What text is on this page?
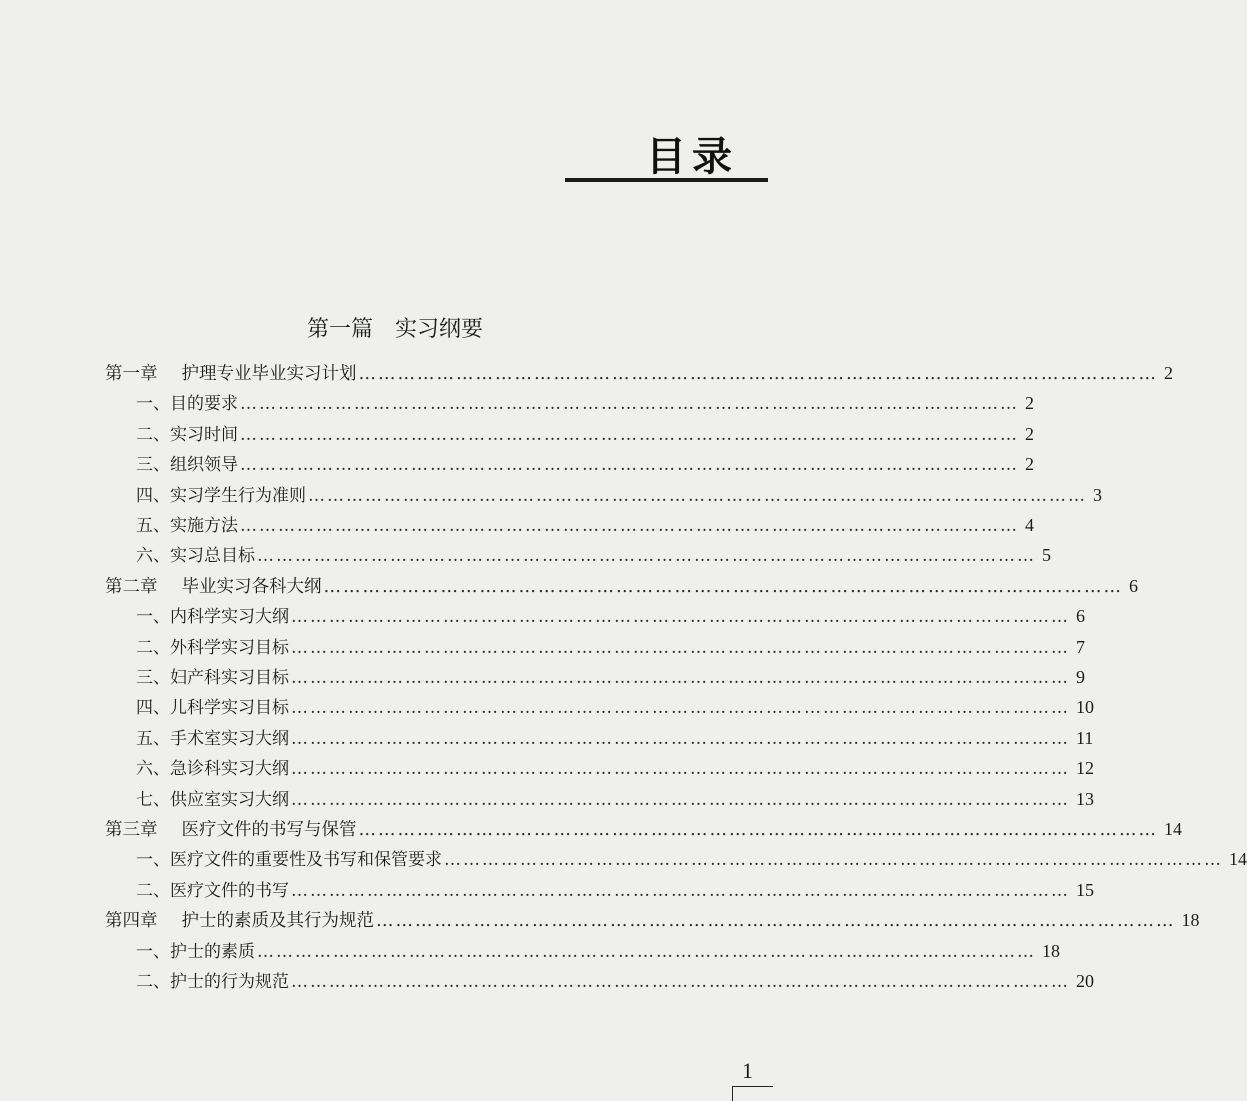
目录
第一篇　实习纲要
第一章 护理专业毕业实习计划 …………………………………………………………………………………………………………… 2
一、目的要求 …………………………………………………………………………………………………………… 2
二、实习时间 …………………………………………………………………………………………………………… 2
三、组织领导 …………………………………………………………………………………………………………… 2
四、实习学生行为准则 …………………………………………………………………………………………………………… 3
五、实施方法 …………………………………………………………………………………………………………… 4
六、实习总目标 …………………………………………………………………………………………………………… 5
第二章 毕业实习各科大纲 …………………………………………………………………………………………………………… 6
一、内科学实习大纲 …………………………………………………………………………………………………………… 6
二、外科学实习目标 …………………………………………………………………………………………………………… 7
三、妇产科实习目标 …………………………………………………………………………………………………………… 9
四、儿科学实习目标 …………………………………………………………………………………………………………… 10
五、手术室实习大纲 …………………………………………………………………………………………………………… 11
六、急诊科实习大纲 …………………………………………………………………………………………………………… 12
七、供应室实习大纲 …………………………………………………………………………………………………………… 13
第三章 医疗文件的书写与保管 …………………………………………………………………………………………………………… 14
一、医疗文件的重要性及书写和保管要求 …………………………………………………………………………………………………………… 14
二、医疗文件的书写 …………………………………………………………………………………………………………… 15
第四章 护士的素质及其行为规范 …………………………………………………………………………………………………………… 18
一、护士的素质 …………………………………………………………………………………………………………… 18
二、护士的行为规范 …………………………………………………………………………………………………………… 20
1
